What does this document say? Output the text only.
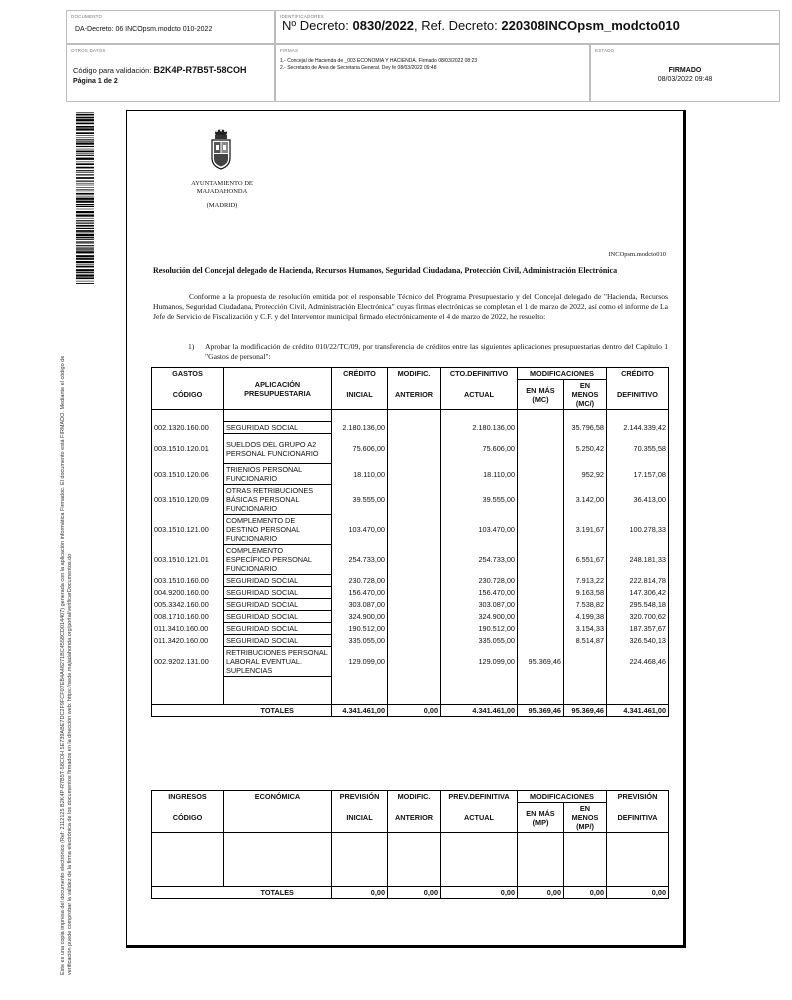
DOCUMENTO
DA-Decreto: 06 INCOpsm.modcto 010-2022
IDENTIFICADORES
Nº Decreto: 0830/2022, Ref. Decreto: 220308INCOpsm_modcto010
OTROS DATOS
Código para validación: B2K4P-R7B5T-58COH
Página 1 de 2
FIRMAS
1.- Concejal de Hacienda de _003 ECONOMIA Y HACIENDA. Firmado 08/03/2022 08:23
2.- Secretario de Area de Secretaria General. Dey fe 08/03/2022 09:48
ESTADO
FIRMADO
08/03/2022 09:48
Este es una copia impresa del documento electrónico (Ref: 2112125 B2K4P-R7B5T-58COH 5E739ABE7DC2F9FCF07EB4A48271BC4558CD014407) generada con la aplicación informática Firmadoc. El documento está FIRMADO. Mediante el código de verificación puede comprobar la validez de la firma electrónica de los documentos firmados en la dirección web: https://sede.majadahonda.org/portal/verificarDocumentos.do
AYUNTAMIENTO DE
MAJADAHONDA
(MADRID)
INCOpsm.modcto010
Resolución del Concejal delegado de Hacienda, Recursos Humanos, Seguridad Ciudadana, Protección Civil, Administración Electrónica
Conforme a la propuesta de resolución emitida por el responsable Técnico del Programa Presupuestario y del Concejal delegado de "Hacienda, Recursos Humanos, Seguridad Ciudadana, Protección Civil, Administración Electrónica" cuyas firmas electrónicas se completan el 1 de marzo de 2022, así como el informe de La Jefe de Servicio de Fiscalización y C.F. y del Interventor municipal firmado electrónicamente el 4 de marzo de 2022, he resuelto:
1)	Aprobar la modificación de crédito 010/22/TC/09, por transferencia de créditos entre las siguientes aplicaciones presupuestarias dentro del Capítulo 1 "Gastos de personal":
GASTOS	APLICACIÓN PRESUPUESTARIA	CRÉDITO	MODIFIC.	CTO.DEFINITIVO	MODIFICACIONES		CRÉDITO
CÓDIGO		INICIAL	ANTERIOR	ACTUAL	EN MÁS (MC)	EN MENOS (MC/)	DEFINITIVO

002.1320.160.00	SEGURIDAD SOCIAL	2.180.136,00		2.180.136,00		35.796,58	2.144.339,42
003.1510.120.01	SUELDOS DEL GRUPO A2 PERSONAL FUNCIONARIO	75.606,00		75.606,00		5.250,42	70.355,58
003.1510.120.06	TRIENIOS PERSONAL FUNCIONARIO	18.110,00		18.110,00		952,92	17.157,08
003.1510.120.09	OTRAS RETRIBUCIONES BÁSICAS PERSONAL FUNCIONARIO	39.555,00		39.555,00		3.142,00	36.413,00
003.1510.121.00	COMPLEMENTO DE DESTINO PERSONAL FUNCIONARIO	103.470,00		103.470,00		3.191,67	100.278,33
003.1510.121.01	COMPLEMENTO ESPECÍFICO PERSONAL FUNCIONARIO	254.733,00		254.733,00		6.551,67	248.181,33
003.1510.160.00	SEGURIDAD SOCIAL	230.728,00		230.728,00		7.913,22	222.814,78
004.9200.160.00	SEGURIDAD SOCIAL	156.470,00		156.470,00		9.163,58	147.306,42
005.3342.160.00	SEGURIDAD SOCIAL	303.087,00		303.087,00		7.538,82	295.548,18
008.1710.160.00	SEGURIDAD SOCIAL	324.900,00		324.900,00		4.199,38	320.700,62
011.3410.160.00	SEGURIDAD SOCIAL	190.512,00		190.512,00		3.154,33	187.357,67
011.3420.160.00	SEGURIDAD SOCIAL	335.055,00		335.055,00		8.514,87	326.540,13
002.9202.131.00	RETRIBUCIONES PERSONAL LABORAL EVENTUAL. SUPLENCIAS	129.099,00		129.099,00	95.369,46		224.468,46

	TOTALES	4.341.461,00	0,00	4.341.461,00	95.369,46	95.369,46	4.341.461,00
INGRESOS	ECONÓMICA	PREVISIÓN	MODIFIC.	PREV.DEFINITIVA	MODIFICACIONES		PREVISIÓN
CÓDIGO		INICIAL	ANTERIOR	ACTUAL	EN MÁS (MP)	EN MENOS (MP/)	DEFINITIVA

	TOTALES	0,00	0,00	0,00	0,00	0,00	0,00
